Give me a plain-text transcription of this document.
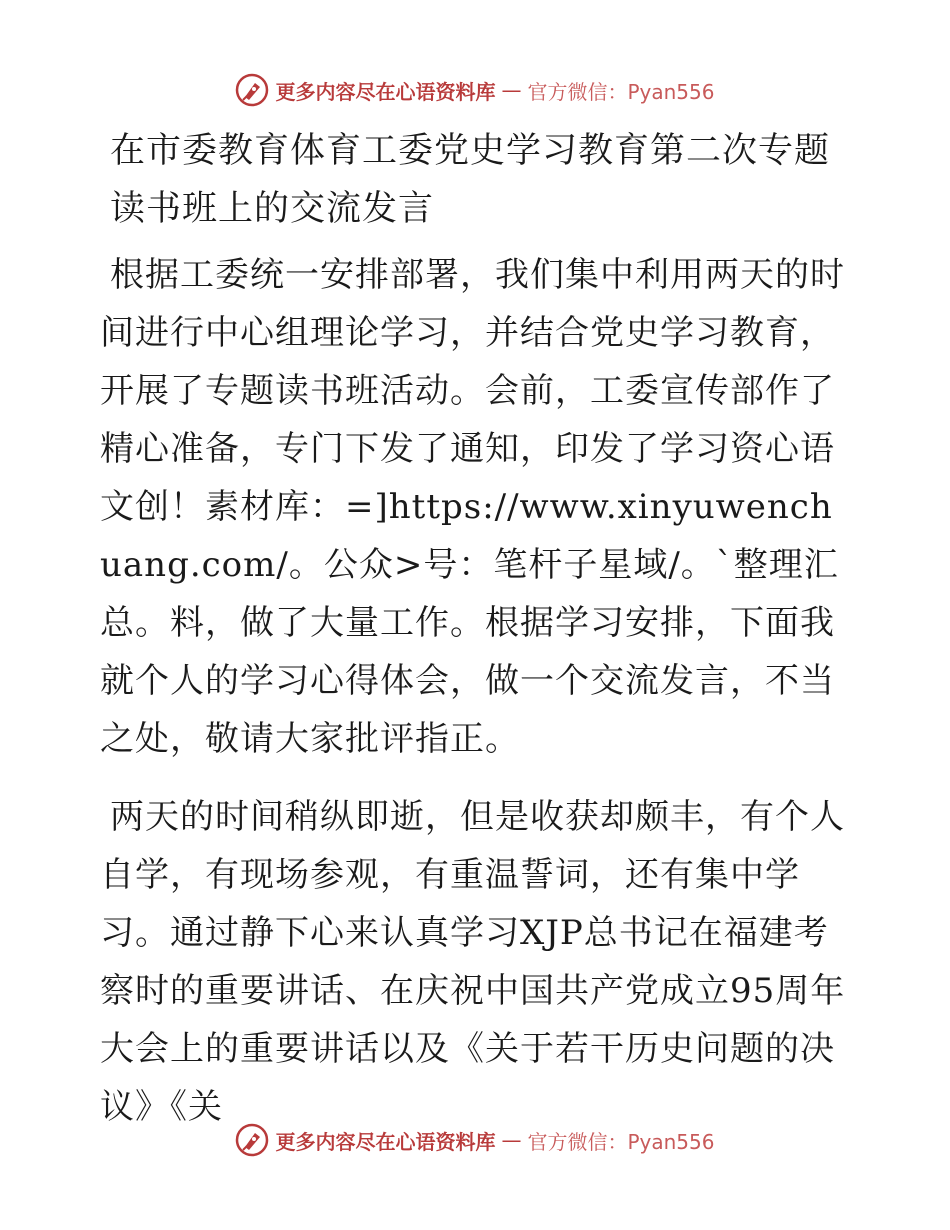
更多内容尽在心语资料库 — 官方微信：Pyan556
在市委教育体育工委党史学习教育第二次专题读书班上的交流发言

根据工委统一安排部署，我们集中利用两天的时间进行中心组理论学习，并结合党史学习教育，开展了专题读书班活动。会前，工委宣传部作了精心准备，专门下发了通知，印发了学习资心语文创！素材库：=]https://www.xinyuwenchuang.com/。公众>号：笔杆子星域/。`整理汇总。料，做了大量工作。根据学习安排，下面我就个人的学习心得体会，做一个交流发言，不当之处，敬请大家批评指正。

两天的时间稍纵即逝，但是收获却颇丰，有个人自学，有现场参观，有重温誓词，还有集中学习。通过静下心来认真学习XJP总书记在福建考察时的重要讲话、在庆祝中国共产党成立95周年大会上的重要讲话以及《关于若干历史问题的决议》《关

更多内容尽在心语资料库 — 官方微信：Pyan556
